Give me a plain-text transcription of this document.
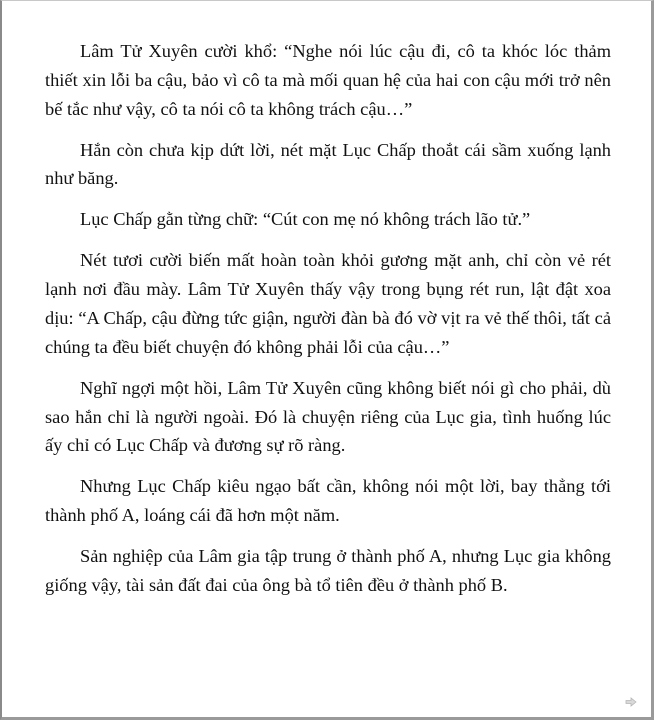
Lâm Tử Xuyên cười khổ: “Nghe nói lúc cậu đi, cô ta khóc lóc thảm thiết xin lỗi ba cậu, bảo vì cô ta mà mối quan hệ của hai con cậu mới trở nên bế tắc như vậy, cô ta nói cô ta không trách cậu…”

Hắn còn chưa kịp dứt lời, nét mặt Lục Chấp thoắt cái sầm xuống lạnh như băng.

Lục Chấp gằn từng chữ: “Cút con mẹ nó không trách lão tử.”

Nét tươi cười biến mất hoàn toàn khỏi gương mặt anh, chỉ còn vẻ rét lạnh nơi đầu mày. Lâm Tử Xuyên thấy vậy trong bụng rét run, lật đật xoa dịu: “A Chấp, cậu đừng tức giận, người đàn bà đó vờ vịt ra vẻ thế thôi, tất cả chúng ta đều biết chuyện đó không phải lỗi của cậu…”

Nghĩ ngợi một hồi, Lâm Tử Xuyên cũng không biết nói gì cho phải, dù sao hắn chỉ là người ngoài. Đó là chuyện riêng của Lục gia, tình huống lúc ấy chỉ có Lục Chấp và đương sự rõ ràng.

Nhưng Lục Chấp kiêu ngạo bất cần, không nói một lời, bay thẳng tới thành phố A, loáng cái đã hơn một năm.

Sản nghiệp của Lâm gia tập trung ở thành phố A, nhưng Lục gia không giống vậy, tài sản đất đai của ông bà tổ tiên đều ở thành phố B.
